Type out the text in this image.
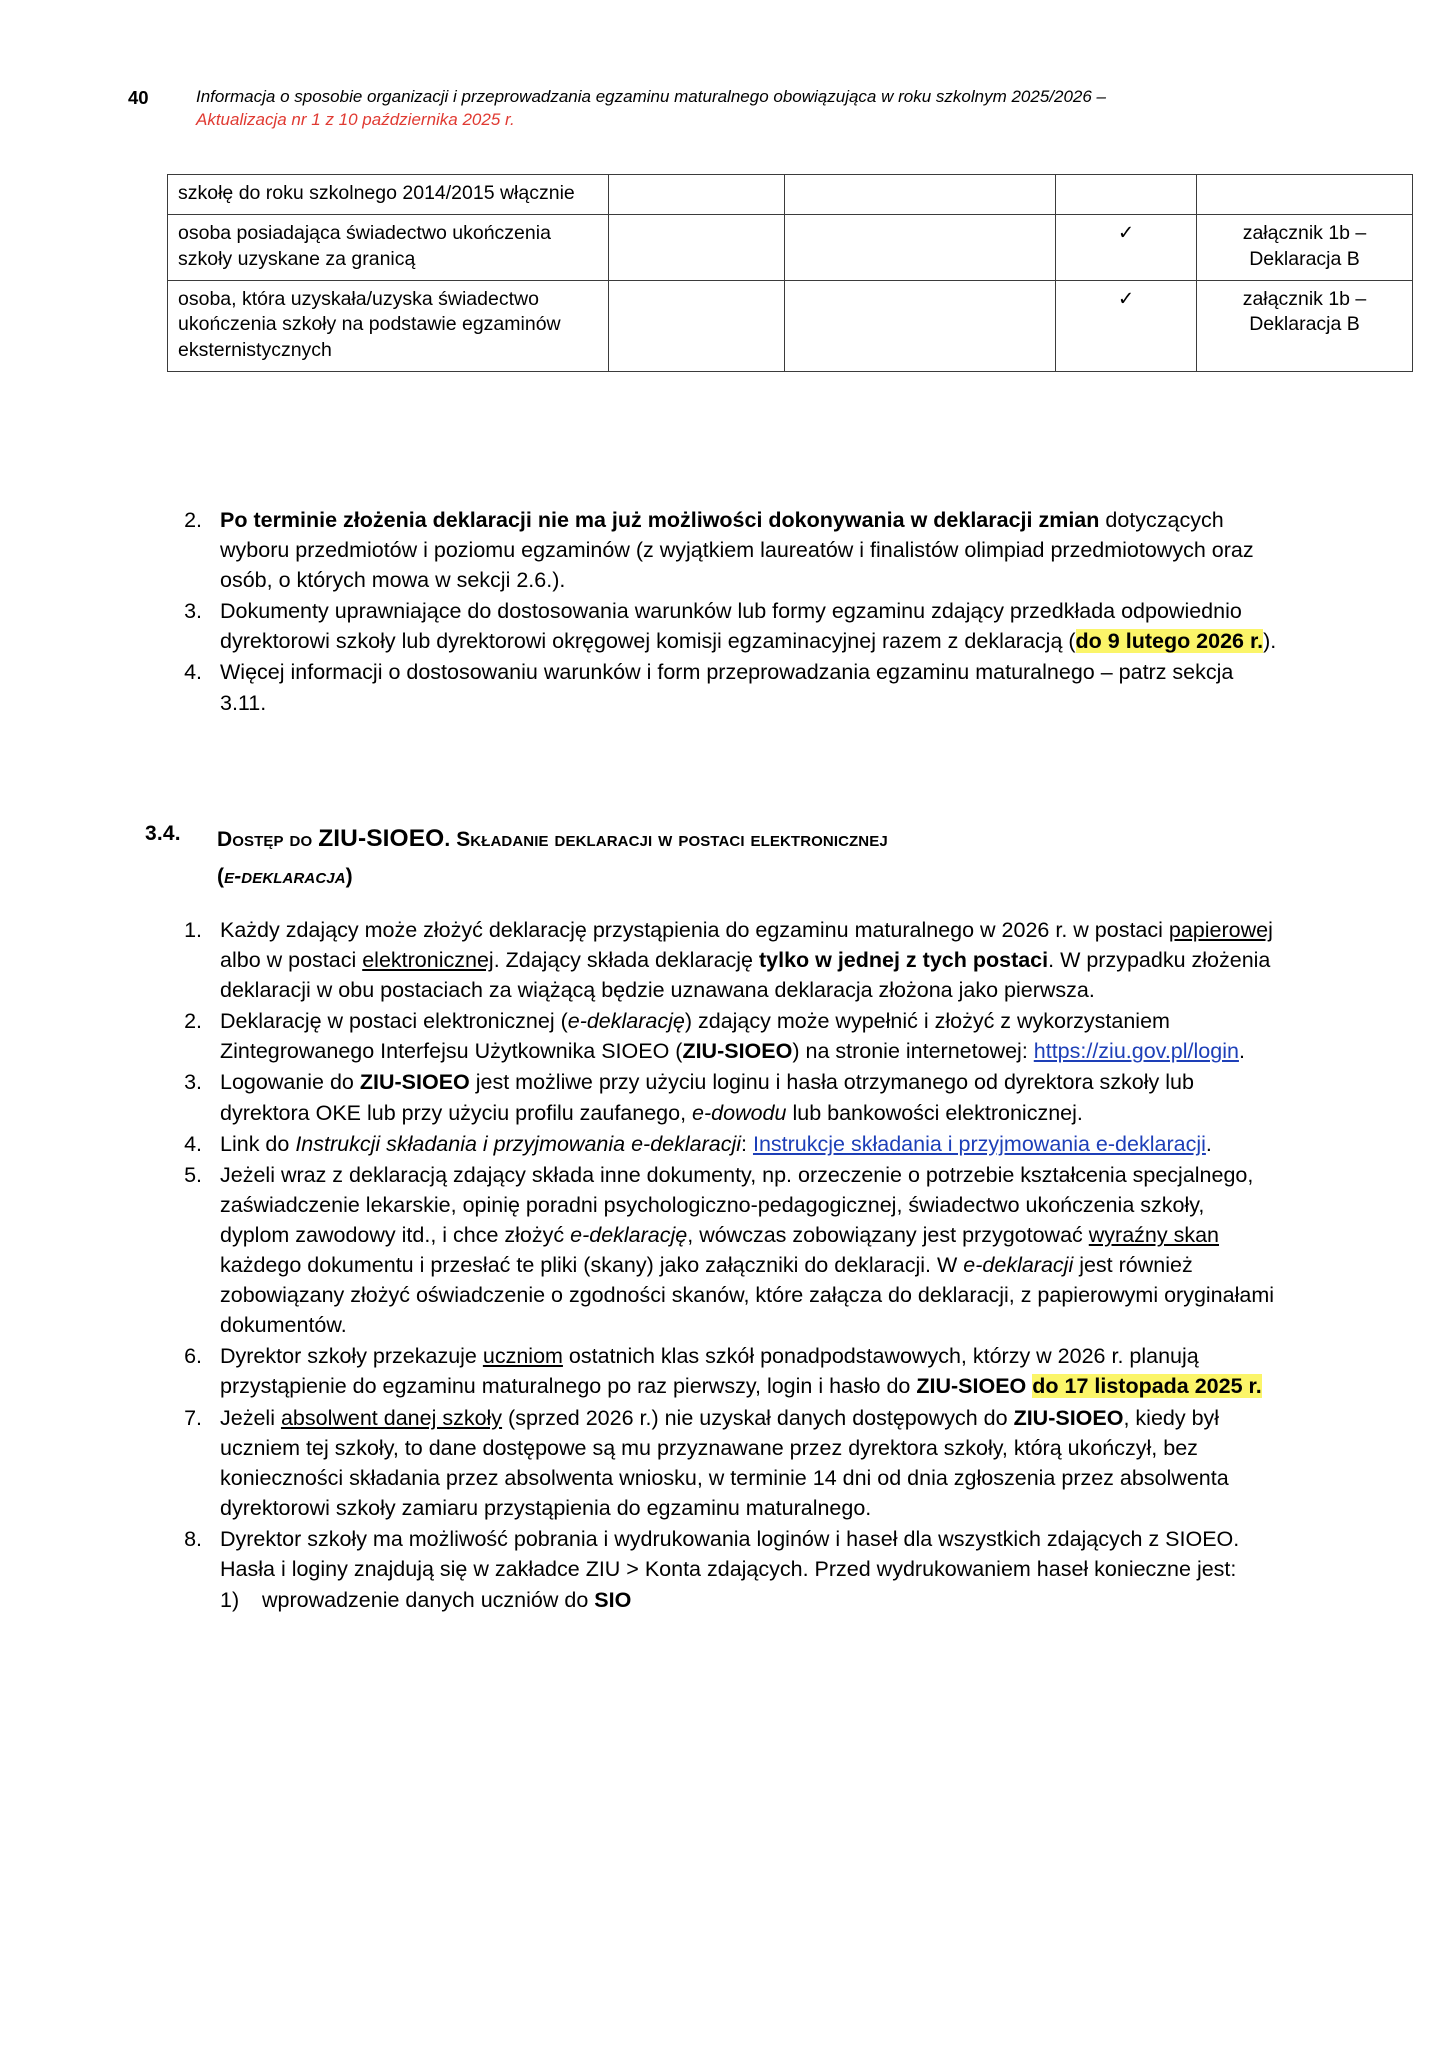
40	Informacja o sposobie organizacji i przeprowadzania egzaminu maturalnego obowiązująca w roku szkolnym 2025/2026 –
Aktualizacja nr 1 z 10 października 2025 r.
szkołę do roku szkolnego 2014/2015 włącznie				
osoba posiadająca świadectwo ukończenia szkoły uzyskane za granicą			✓	załącznik 1b – Deklaracja B
osoba, która uzyskała/uzyska świadectwo ukończenia szkoły na podstawie egzaminów eksternistycznych			✓	załącznik 1b – Deklaracja B
2. Po terminie złożenia deklaracji nie ma już możliwości dokonywania w deklaracji zmian dotyczących wyboru przedmiotów i poziomu egzaminów (z wyjątkiem laureatów i finalistów olimpiad przedmiotowych oraz osób, o których mowa w sekcji 2.6.).
3. Dokumenty uprawniające do dostosowania warunków lub formy egzaminu zdający przedkłada odpowiednio dyrektorowi szkoły lub dyrektorowi okręgowej komisji egzaminacyjnej razem z deklaracją (do 9 lutego 2026 r.).
4. Więcej informacji o dostosowaniu warunków i form przeprowadzania egzaminu maturalnego – patrz sekcja 3.11.
3.4.	Dostęp do ZIU-SIOEO. Składanie deklaracji w postaci elektronicznej
(e-deklaracja)
1. Każdy zdający może złożyć deklarację przystąpienia do egzaminu maturalnego w 2026 r. w postaci papierowej albo w postaci elektronicznej. Zdający składa deklarację tylko w jednej z tych postaci. W przypadku złożenia deklaracji w obu postaciach za wiążącą będzie uznawana deklaracja złożona jako pierwsza.
2. Deklarację w postaci elektronicznej (e-deklarację) zdający może wypełnić i złożyć z wykorzystaniem Zintegrowanego Interfejsu Użytkownika SIOEO (ZIU-SIOEO) na stronie internetowej: https://ziu.gov.pl/login.
3. Logowanie do ZIU-SIOEO jest możliwe przy użyciu loginu i hasła otrzymanego od dyrektora szkoły lub dyrektora OKE lub przy użyciu profilu zaufanego, e-dowodu lub bankowości elektronicznej.
4. Link do Instrukcji składania i przyjmowania e-deklaracji: Instrukcje składania i przyjmowania e-deklaracji.
5. Jeżeli wraz z deklaracją zdający składa inne dokumenty, np. orzeczenie o potrzebie kształcenia specjalnego, zaświadczenie lekarskie, opinię poradni psychologiczno-pedagogicznej, świadectwo ukończenia szkoły, dyplom zawodowy itd., i chce złożyć e-deklarację, wówczas zobowiązany jest przygotować wyraźny skan każdego dokumentu i przesłać te pliki (skany) jako załączniki do deklaracji. W e-deklaracji jest również zobowiązany złożyć oświadczenie o zgodności skanów, które załącza do deklaracji, z papierowymi oryginałami dokumentów.
6. Dyrektor szkoły przekazuje uczniom ostatnich klas szkół ponadpodstawowych, którzy w 2026 r. planują przystąpienie do egzaminu maturalnego po raz pierwszy, login i hasło do ZIU-SIOEO do 17 listopada 2025 r.
7. Jeżeli absolwent danej szkoły (sprzed 2026 r.) nie uzyskał danych dostępowych do ZIU-SIOEO, kiedy był uczniem tej szkoły, to dane dostępowe są mu przyznawane przez dyrektora szkoły, którą ukończył, bez konieczności składania przez absolwenta wniosku, w terminie 14 dni od dnia zgłoszenia przez absolwenta dyrektorowi szkoły zamiaru przystąpienia do egzaminu maturalnego.
8. Dyrektor szkoły ma możliwość pobrania i wydrukowania loginów i haseł dla wszystkich zdających z SIOEO. Hasła i loginy znajdują się w zakładce ZIU > Konta zdających. Przed wydrukowaniem haseł konieczne jest:
1)	wprowadzenie danych uczniów do SIO
